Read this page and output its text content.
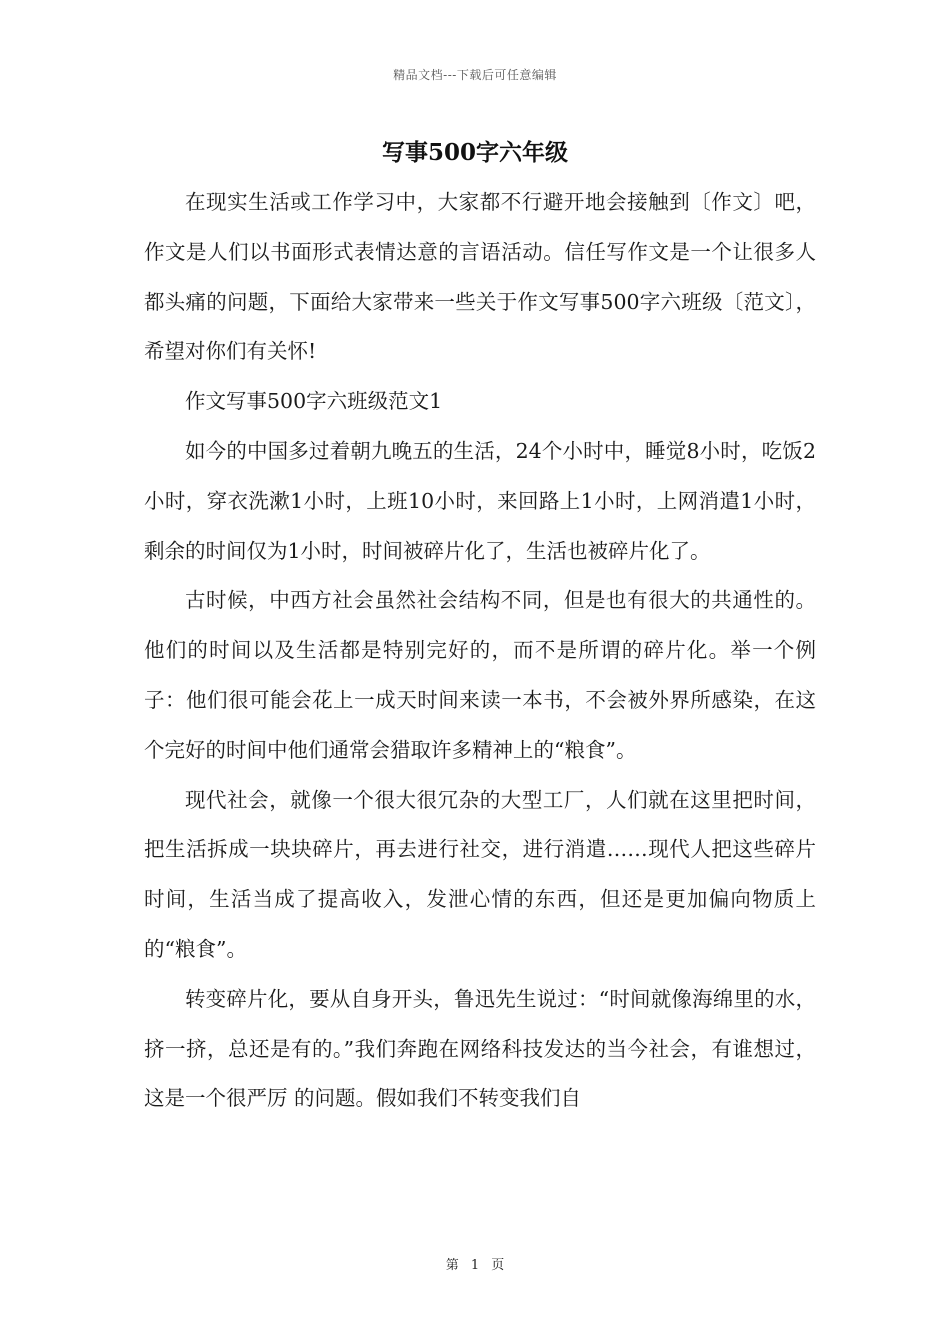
精品文档---下载后可任意编辑
写事500字六年级

在现实生活或工作学习中，大家都不行避开地会接触到〔作文〕吧，作文是人们以书面形式表情达意的言语活动。信任写作文是一个让很多人都头痛的问题，下面给大家带来一些关于作文写事500字六班级〔范文〕，希望对你们有关怀!

作文写事500字六班级范文1

如今的中国多过着朝九晚五的生活，24个小时中，睡觉8小时，吃饭2小时，穿衣洗漱1小时，上班10小时，来回路上1小时，上网消遣1小时，剩余的时间仅为1小时，时间被碎片化了，生活也被碎片化了。

古时候，中西方社会虽然社会结构不同，但是也有很大的共通性的。他们的时间以及生活都是特别完好的，而不是所谓的碎片化。举一个例子：他们很可能会花上一成天时间来读一本书，不会被外界所感染，在这个完好的时间中他们通常会猎取许多精神上的“粮食”。

现代社会，就像一个很大很冗杂的大型工厂，人们就在这里把时间，把生活拆成一块块碎片，再去进行社交，进行消遣……现代人把这些碎片时间，生活当成了提高收入，发泄心情的东西，但还是更加偏向物质上的“粮食”。

转变碎片化，要从自身开头，鲁迅先生说过：“时间就像海绵里的水，挤一挤，总还是有的。”我们奔跑在网络科技发达的当今社会，有谁想过，这是一个很严厉 的问题。假如我们不转变我们自

第 1 页
